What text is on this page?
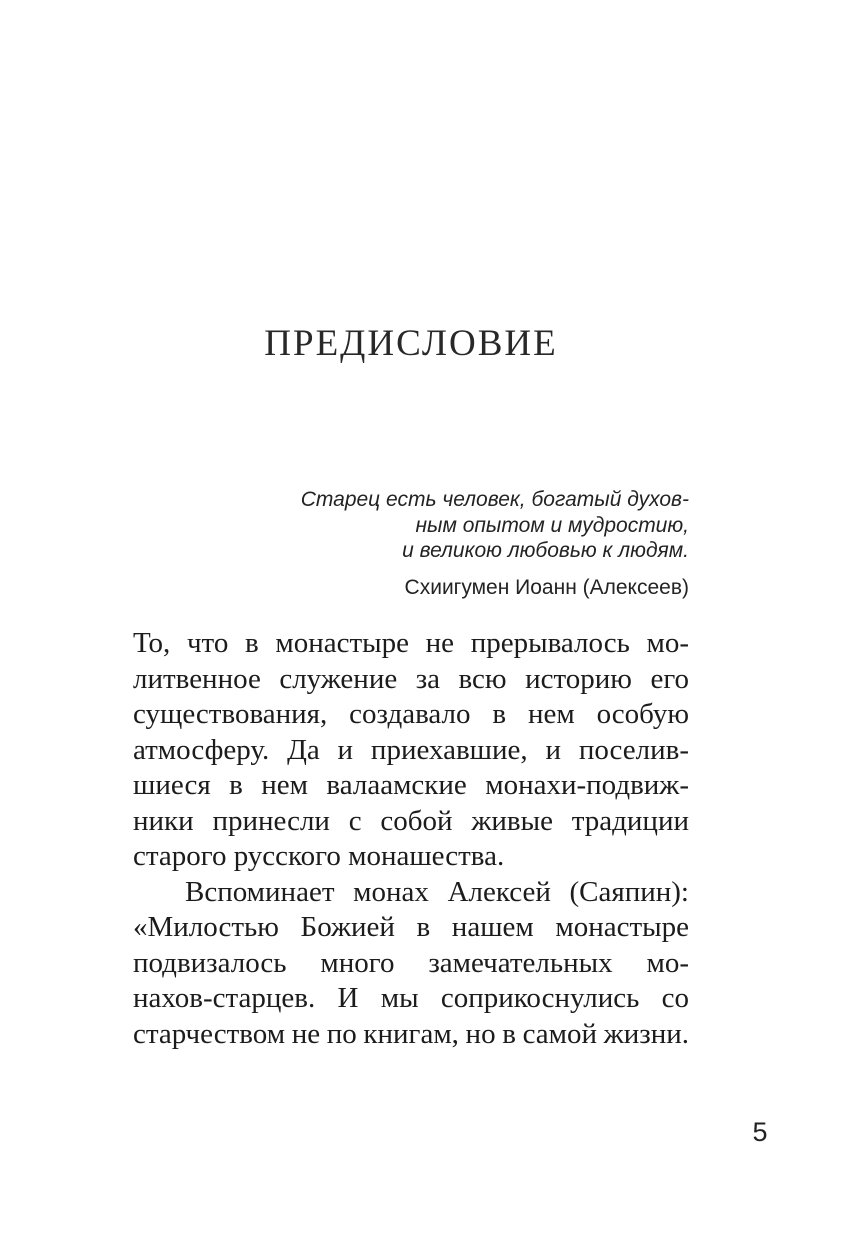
ПРЕДИСЛОВИЕ
Старец есть человек, богатый духов-
ным опытом и мудростию,
и великою любовью к людям.
Схиигумен Иоанн (Алексеев)
То, что в монастыре не прерывалось мо-
литвенное служение за всю историю его
существования, создавало в нем особую
атмосферу. Да и приехавшие, и поселив-
шиеся в нем валаамские монахи-подвиж-
ники принесли с собой живые традиции
старого русского монашества.
Вспоминает монах Алексей (Саяпин):
«Милостью Божией в нашем монастыре
подвизалось много замечательных мо-
нахов-старцев. И мы соприкоснулись со
старчеством не по книгам, но в самой жизни.
5
